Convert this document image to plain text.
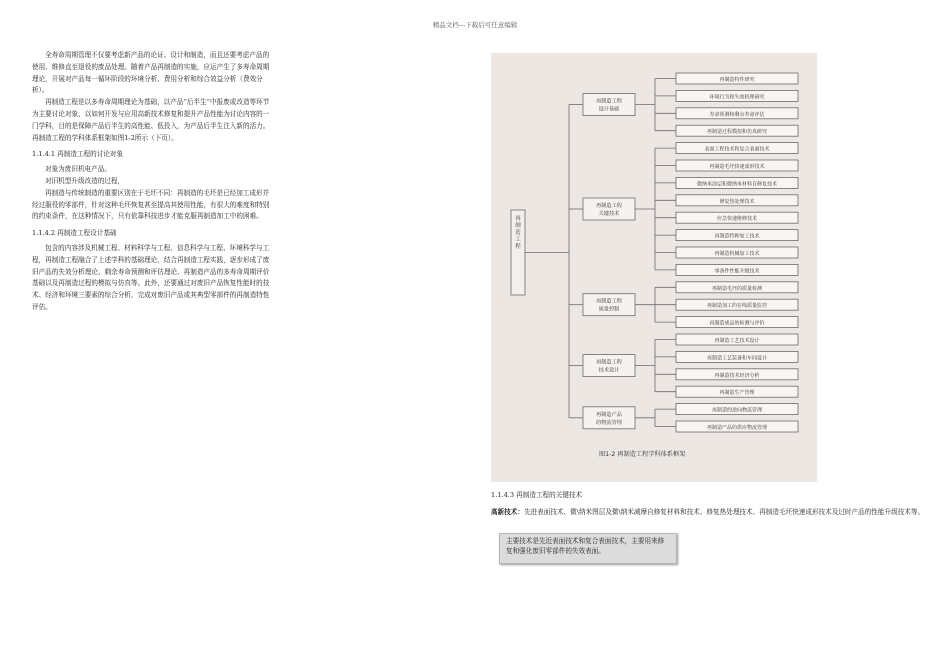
精品文档---下载后可任意编辑

全寿命周期管理不仅要考虑新产品的论证、设计和制造，而且还要考虑产品的使用、维修直至退役的废品处理。随着产品再制造的实施，应运产生了多寿命周期理论，开展对产品每一循环阶段的环境分析、费用分析和综合效益分析（费效分析）。

再制造工程是以多寿命周期理论为基础，以产品“后半生”中报废或改造等环节为主要讨论对象，以如何开发与应用高新技术修复和提升产品性能为讨论内容的一门学科，目的是保障产品后半生的高性能、低投入，为产品后半生注入新的活力。再制造工程的学科体系框架如图1-2所示（下页）。

1.1.4.1 再制造工程的讨论对象

对象为废旧机电产品。

对旧机型升级改造的过程，

再制造与传统制造的重要区别在于毛坯不同：再制造的毛坯是已经加工成形并经过服役的零部件，针对这种毛坯恢复甚至提高其使用性能，有很大的难度和特别的约束条件，在这种情况下，只有依靠科技进步才能克服再制造加工中的困难。

1.1.4.2 再制造工程设计基础

包含的内容涉及机械工程、材料科学与工程、信息科学与工程、环境科学与工程，再制造工程融合了上述学科的基础理论，结合再制造工程实践，逐步形成了废旧产品的失效分析理论、剩余寿命预测和评估理论、再制造产品的多寿命周期评价基础以及再制造过程的模拟与仿真等。此外，还要通过对废旧产品恢复性能时的技术、经济和环境三要素的综合分析，完成对废旧产品或其典型零部件的再制造特性评估。

再制造工程
再制造工程
设计基础
再制造特性研究
环境行为和失效机理研究
寿命预测和剩余寿命评估
再制造过程模拟和仿真研究
再制造工程
关键技术
表面工程技术和复合表面技术
再制造毛坯快速成形技术
微纳米涂层和微纳米材料自修复技术
修复热处理技术
应急快速维修技术
再制造特种加工技术
再制造机械加工技术
零备件性能升级技术
再制造工程
质量控制
再制造毛坯的质量检测
再制造加工的在线质量监控
再制造成品的检测与评价
再制造工程
技术设计
再制造工艺技术设计
再制造工艺装备和车间设计
再制造技术经济分析
再制造生产管理
再制造产品
的物流管理
再制造的逆向物流管理
再制造产品的供应物流管理
图1-2 再制造工程学科体系框架

1.1.4.3 再制造工程的关键技术

高新技术：先进表面技术、微\纳米图层及微\纳米减摩自修复材料和技术、修复热处理技术、再制造毛坯快速成形技术及过时产品的性能升级技术等。

主要技术是先近表面技术和复合表面技术，主要用来修复和强化废旧零部件的失效表面。
